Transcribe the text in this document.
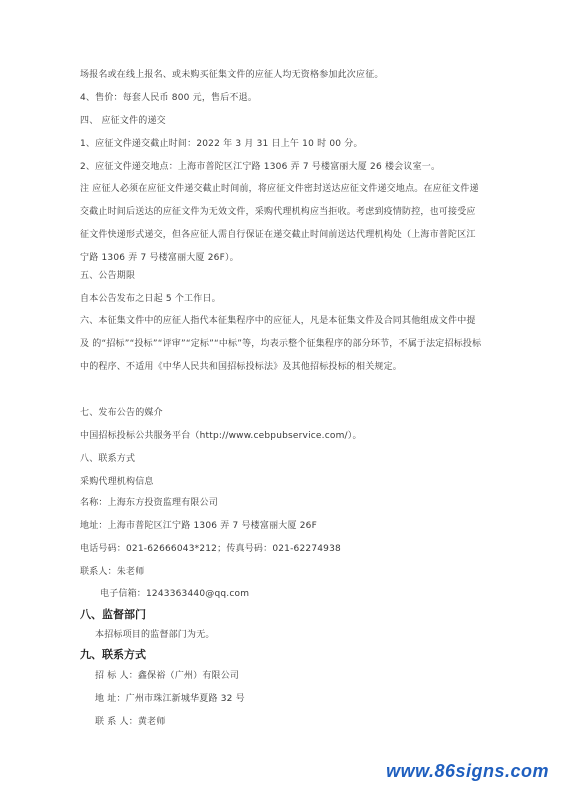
场报名或在线上报名、或未购买征集文件的应征人均无资格参加此次应征。
4、售价：每套人民币 800 元，售后不退。
四、 应征文件的递交
1、应征文件递交截止时间：2022 年 3 月 31 日上午 10 时 00 分。
2、应征文件递交地点：上海市普陀区江宁路 1306 弄 7 号楼富丽大厦 26 楼会议室一。
注 应征人必须在应征文件递交截止时间前，将应征文件密封送达应征文件递交地点。在应征文件递交截止时间后送达的应征文件为无效文件，采购代理机构应当拒收。考虑到疫情防控，也可接受应征文件快递形式递交，但各应征人需自行保证在递交截止时间前送达代理机构处（上海市普陀区江宁路 1306 弄 7 号楼富丽大厦 26F）。
五、公告期限
自本公告发布之日起 5 个工作日。
六、本征集文件中的应征人指代本征集程序中的应征人，凡是本征集文件及合同其他组成文件中提及 的“招标”“投标”“评审”“定标”“中标”等，均表示整个征集程序的部分环节，不属于法定招标投标中的程序、不适用《中华人民共和国招标投标法》及其他招标投标的相关规定。
七、发布公告的媒介
中国招标投标公共服务平台（http://www.cebpubservice.com/）。
八、联系方式
采购代理机构信息
名称：上海东方投资监理有限公司
地址：上海市普陀区江宁路 1306 弄 7 号楼富丽大厦 26F
电话号码：021-62666043*212；传真号码：021-62274938
联系人：朱老师
电子信箱：1243363440@qq.com
八、监督部门
本招标项目的监督部门为无。
九、联系方式
招 标 人：鑫保裕（广州）有限公司
地 址：广州市珠江新城华夏路 32 号
联 系 人：黄老师
www.86signs.com
